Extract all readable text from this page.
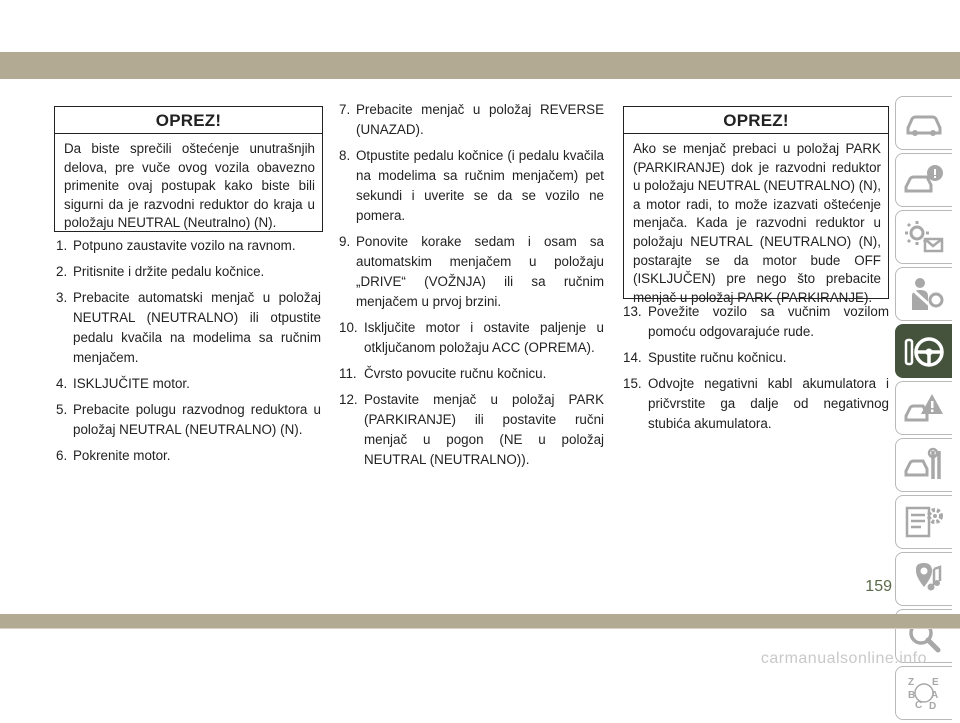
OPREZ!
Da biste sprečili oštećenje unutrašnjih
delova, pre vuče ovog vozila obavezno
primenite ovaj postupak kako biste bili
sigurni da je razvodni reduktor do kraja u
položaju NEUTRAL (Neutralno) (N).
1. Potpuno zaustavite vozilo na ravnom.
2. Pritisnite i držite pedalu kočnice.
3. Prebacite automatski menjač u položaj
NEUTRAL (NEUTRALNO) ili otpustite
pedalu kvačila na modelima sa ručnim
menjačem.
4. ISKLJUČITE motor.
5. Prebacite polugu razvodnog reduktora u
položaj NEUTRAL (NEUTRALNO) (N).
6. Pokrenite motor.
7. Prebacite menjač u položaj REVERSE
(UNAZAD).
8. Otpustite pedalu kočnice (i pedalu kvačila
na modelima sa ručnim menjačem) pet
sekundi i uverite se da se vozilo ne
pomera.
9. Ponovite korake sedam i osam sa
automatskim menjačem u položaju
„DRIVE“ (VOŽNJA) ili sa ručnim
menjačem u prvoj brzini.
10. Isključite motor i ostavite paljenje u
otključanom položaju ACC (OPREMA).
11. Čvrsto povucite ručnu kočnicu.
12. Postavite menjač u položaj PARK
(PARKIRANJE) ili postavite ručni
menjač u pogon (NE u položaj
NEUTRAL (NEUTRALNO)).
OPREZ!
Ako se menjač prebaci u položaj PARK
(PARKIRANJE) dok je razvodni reduktor
u položaju NEUTRAL (NEUTRALNO) (N),
a motor radi, to može izazvati oštećenje
menjača. Kada je razvodni reduktor u
položaju NEUTRAL (NEUTRALNO) (N),
postarajte se da motor bude OFF
(ISKLJUČEN) pre nego što prebacite
menjač u položaj PARK (PARKIRANJE).
13. Povežite vozilo sa vučnim vozilom
pomoću odgovarajuće rude.
14. Spustite ručnu kočnicu.
15. Odvojte negativni kabl akumulatora i
pričvrstite ga dalje od negativnog
stubića akumulatora.
Z E
B A
C D
159
carmanualsonline.info
